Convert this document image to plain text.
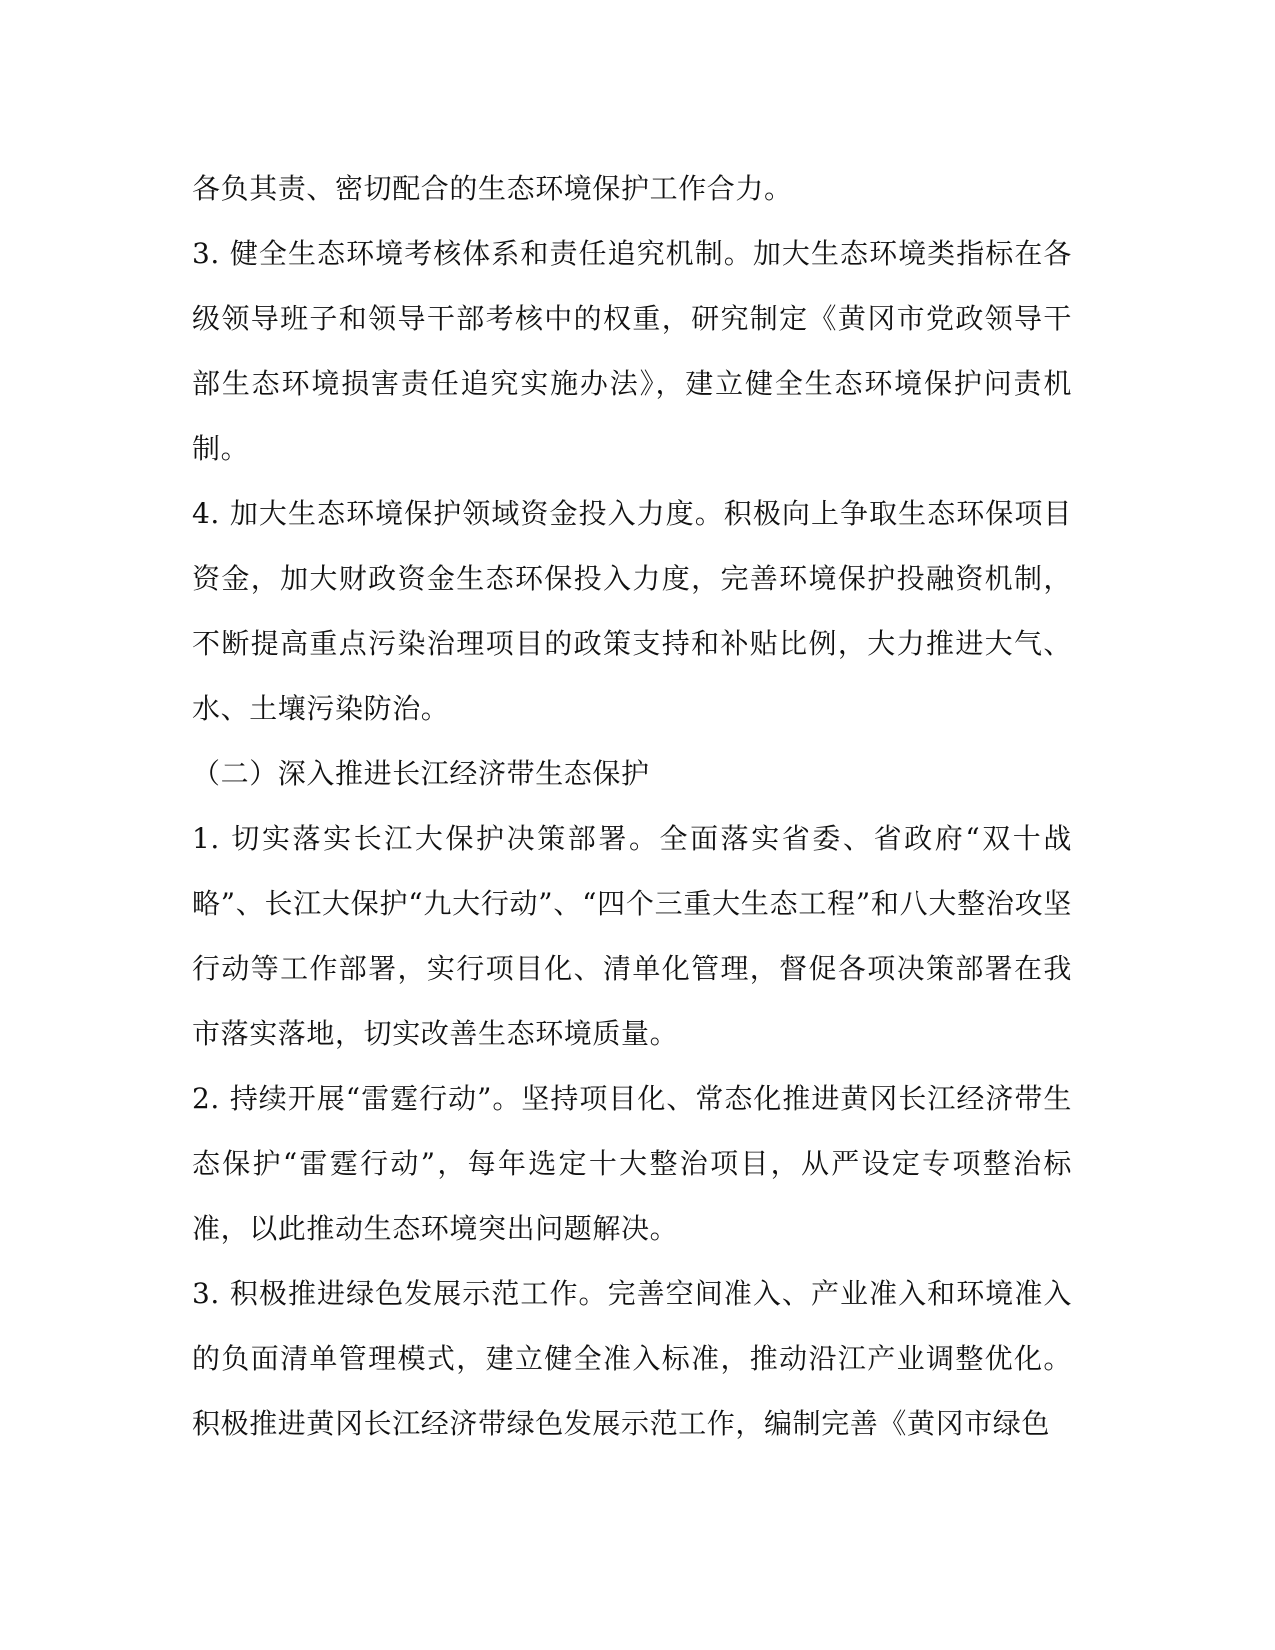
各负其责、密切配合的生态环境保护工作合力。

3. 健全生态环境考核体系和责任追究机制。加大生态环境类指标在各级领导班子和领导干部考核中的权重，研究制定《黄冈市党政领导干部生态环境损害责任追究实施办法》，建立健全生态环境保护问责机制。

4. 加大生态环境保护领域资金投入力度。积极向上争取生态环保项目资金，加大财政资金生态环保投入力度，完善环境保护投融资机制，不断提高重点污染治理项目的政策支持和补贴比例，大力推进大气、水、土壤污染防治。

（二）深入推进长江经济带生态保护

1. 切实落实长江大保护决策部署。全面落实省委、省政府“双十战略”、长江大保护“九大行动”、“四个三重大生态工程”和八大整治攻坚行动等工作部署，实行项目化、清单化管理，督促各项决策部署在我市落实落地，切实改善生态环境质量。

2. 持续开展“雷霆行动”。坚持项目化、常态化推进黄冈长江经济带生态保护“雷霆行动”，每年选定十大整治项目，从严设定专项整治标准，以此推动生态环境突出问题解决。

3. 积极推进绿色发展示范工作。完善空间准入、产业准入和环境准入的负面清单管理模式，建立健全准入标准，推动沿江产业调整优化。积极推进黄冈长江经济带绿色发展示范工作，编制完善《黄冈市绿色
